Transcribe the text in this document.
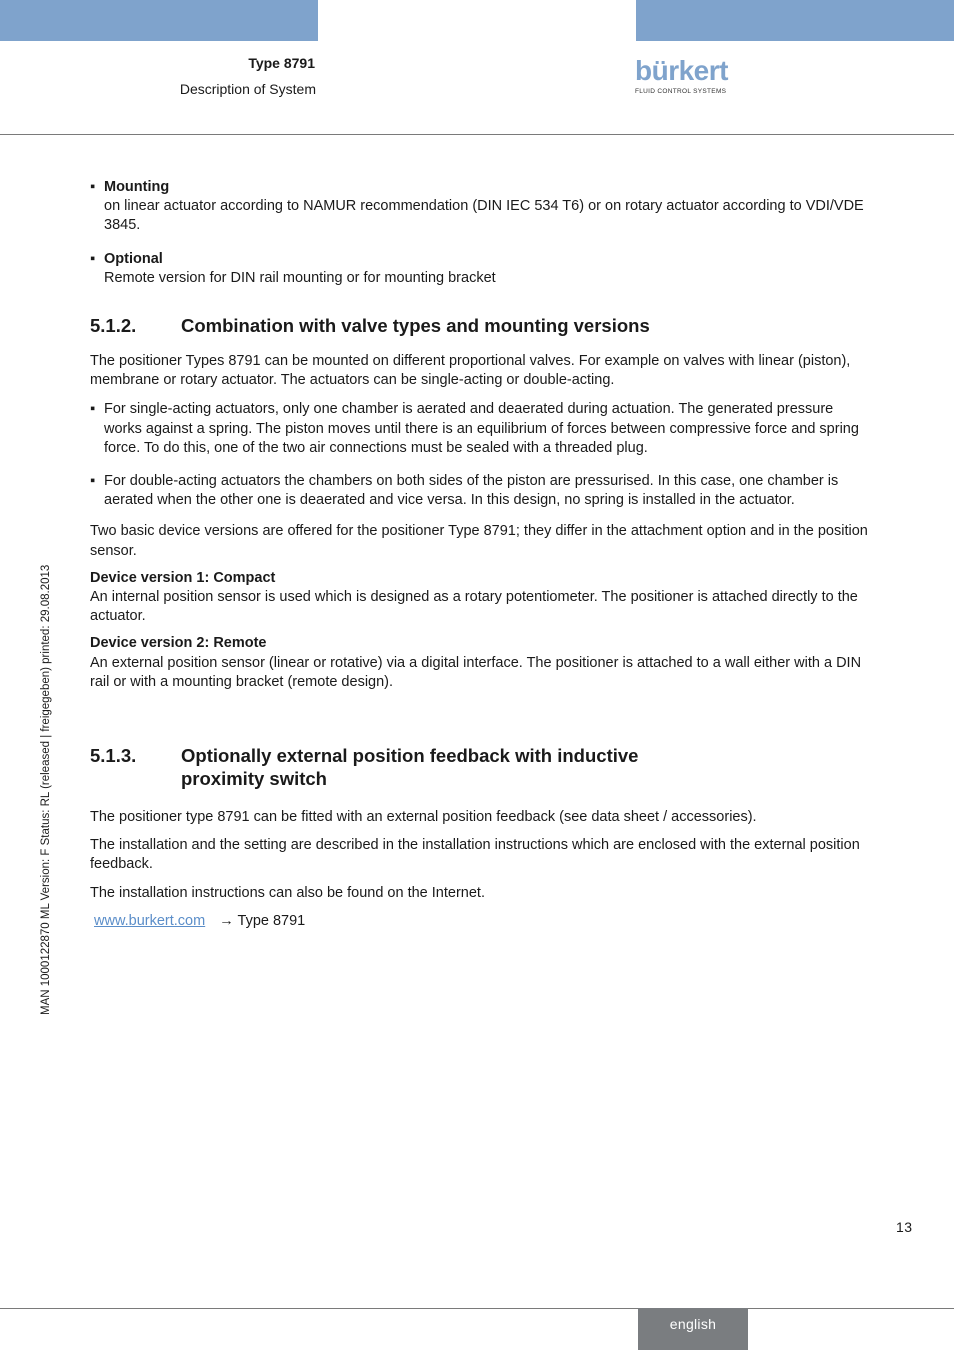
Type 8791
Description of System
bürkert
FLUID CONTROL SYSTEMS
MAN 1000122870 ML Version: F Status: RL (released | freigegeben) printed: 29.08.2013
▪ Mounting

on linear actuator according to NAMUR recommendation (DIN IEC 534 T6) or on rotary actuator according to VDI/VDE 3845.

▪ Optional

Remote version for DIN rail mounting or for mounting bracket

5.1.2.	Combination with valve types and mounting versions

The positioner Types 8791 can be mounted on different proportional valves. For example on valves with linear (piston), membrane or rotary actuator. The actuators can be single-acting or double-acting.

▪ For single-acting actuators, only one chamber is aerated and deaerated during actuation. The generated pressure works against a spring. The piston moves until there is an equilibrium of forces between compressive force and spring force. To do this, one of the two air connections must be sealed with a threaded plug.

▪ For double-acting actuators the chambers on both sides of the piston are pressurised. In this case, one chamber is aerated when the other one is deaerated and vice versa. In this design, no spring is installed in the actuator.

Two basic device versions are offered for the positioner Type 8791; they differ in the attachment option and in the position sensor.

Device version 1: Compact

An internal position sensor is used which is designed as a rotary potentiometer. The positioner is attached directly to the actuator.

Device version 2: Remote

An external position sensor (linear or rotative) via a digital interface. The positioner is attached to a wall either with a DIN rail or with a mounting bracket (remote design).

5.1.3.	Optionally external position feedback with inductive
proximity switch

The positioner type 8791 can be fitted with an external position feedback (see data sheet / accessories).

The installation and the setting are described in the installation instructions which are enclosed with the external position feedback.

The installation instructions can also be found on the Internet.

www.burkert.com → Type 8791

13
english
